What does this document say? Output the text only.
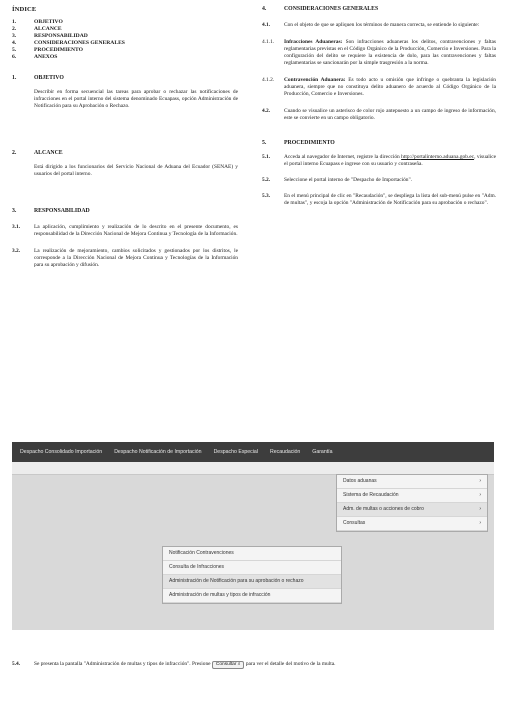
ÍNDICE
1.	OBJETIVO
2.	ALCANCE
3.	RESPONSABILIDAD
4.	CONSIDERACIONES GENERALES
5.	PROCEDIMIENTO
6.	ANEXOS
1.	OBJETIVO
Describir en forma secuencial las tareas para aprobar o rechazar las notificaciones de infracciones en el portal interno del sistema denominado Ecuapass, opción Administración de Notificación para su Aprobación o Rechazo.
2.	ALCANCE
Está dirigido a los funcionarios del Servicio Nacional de Aduana del Ecuador (SENAE) y usuarios del portal interno.
3.	RESPONSABILIDAD
3.1.	La aplicación, cumplimiento y realización de lo descrito en el presente documento, es responsabilidad de la Dirección Nacional de Mejora Continua y Tecnología de la Información.
3.2.	La realización de mejoramiento, cambios solicitados y gestionados por los distritos, le corresponde a la Dirección Nacional de Mejora Continua y Tecnologías de la Información para su aprobación y difusión.
4.	CONSIDERACIONES GENERALES
4.1.	Con el objeto de que se apliquen los términos de manera correcta, se entiende lo siguiente:
4.1.1.	Infracciones Aduaneras: Son infracciones aduaneras los delitos, contravenciones y faltas reglamentarias previstas en el Código Orgánico de la Producción, Comercio e Inversiones. Para la configuración del delito se requiere la existencia de dolo, para las contravenciones y faltas reglamentarias se sancionarán por la simple trasgresión a la norma.
4.1.2.	Contravención Aduanera: Es todo acto u omisión que infringe o quebranta la legislación aduanera, siempre que no constituya delito aduanero de acuerdo al Código Orgánico de la Producción, Comercio e Inversiones.
4.2.	Cuando se visualice un asterisco de color rojo antepuesto a un campo de ingreso de información, este se convierte en un campo obligatorio.
5.	PROCEDIMIENTO
5.1.	Acceda al navegador de Internet, registre la dirección http://portalinterno.aduana.gob.ec, visualice el portal interno Ecuapass e ingrese con su usuario y contraseña.
5.2.	Seleccione el portal interno de "Despacho de Importación".
5.3.	En el menú principal de clic en "Recaudación", se despliega la lista del sub-menú pulse en "Adm. de multas", y escoja la opción "Administración de Notificación para su aprobación o rechazo".
Despacho Consolidado Importación Despacho Notificación de Importación Despacho Especial Recaudación Garantía
Datos aduanas	›
Sistema de Recaudación	›
Adm. de multas o acciones de cobro	›
Consultas	›
Notificación Contravenciones
Consulta de Infracciones
Administración de Notificación para su aprobación o rechazo
Administración de multas y tipos de infracción
5.4.	Se presenta la pantalla "Administración de multas y tipos de infracción". Presione Consultar ⌕ para ver el detalle del motivo de la multa.
